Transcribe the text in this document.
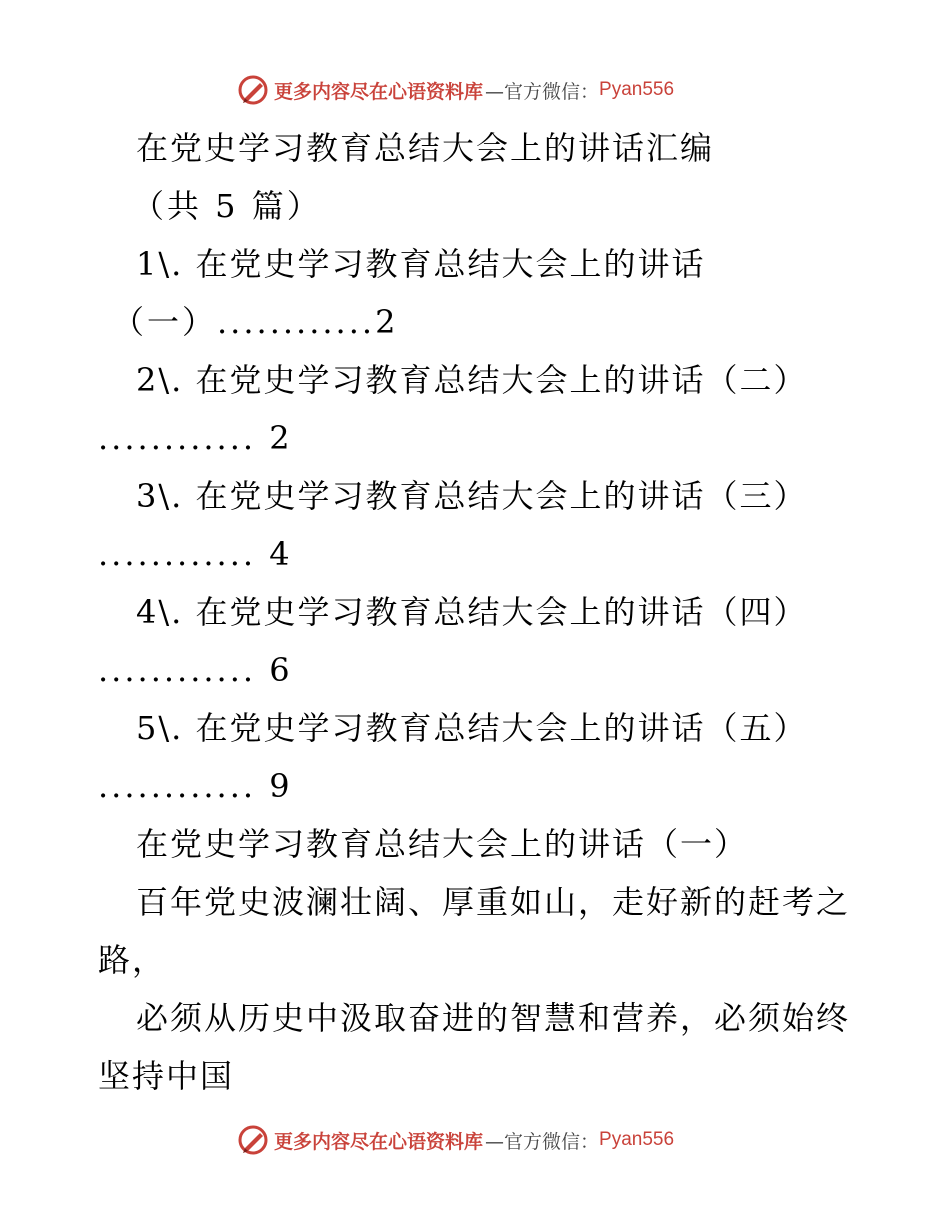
更多内容尽在心语资料库 —官方微信： Pyan556
在党史学习教育总结大会上的讲话汇编
（共 5 篇）
1\. 在党史学习教育总结大会上的讲话
（一）............2
2\. 在党史学习教育总结大会上的讲话（二）
............ 2
3\. 在党史学习教育总结大会上的讲话（三）
............ 4
4\. 在党史学习教育总结大会上的讲话（四）
............ 6
5\. 在党史学习教育总结大会上的讲话（五）
............ 9
在党史学习教育总结大会上的讲话（一）
百年党史波澜壮阔、厚重如山，走好新的赶考之
路，
必须从历史中汲取奋进的智慧和营养，必须始终
坚持中国
更多内容尽在心语资料库 —官方微信： Pyan556
